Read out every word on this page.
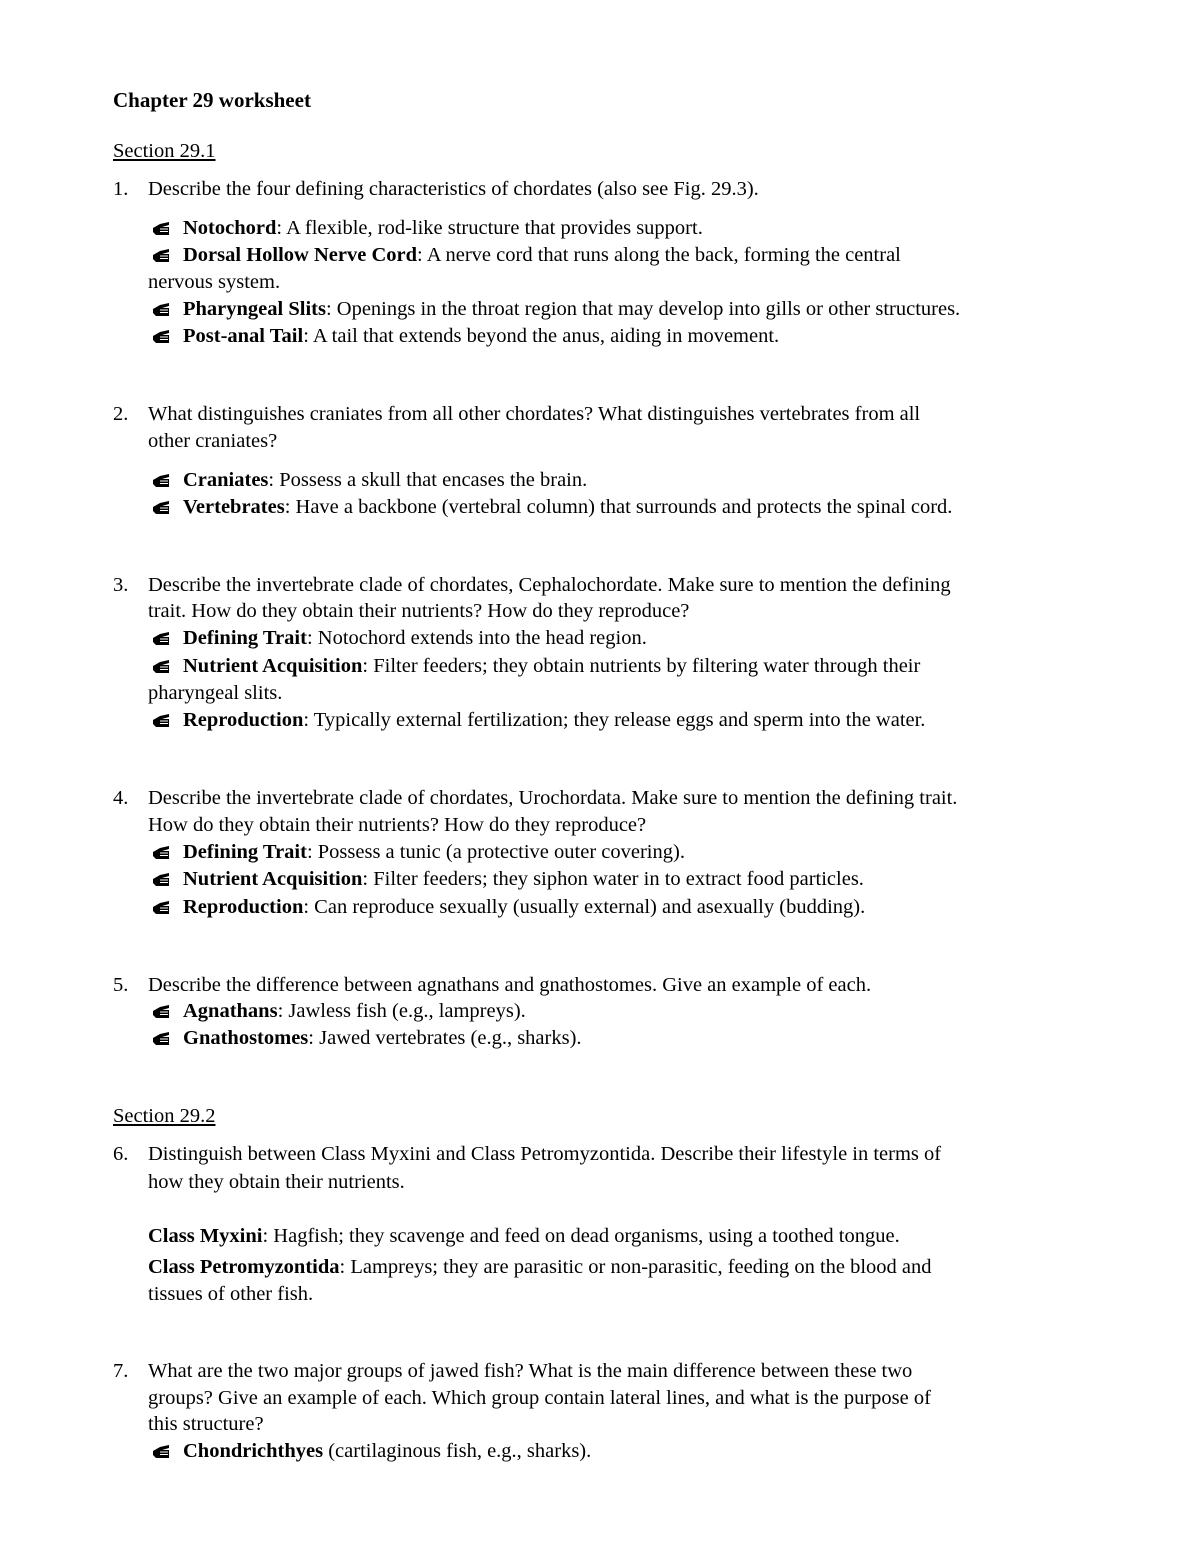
Chapter 29 worksheet
Section 29.1
1. Describe the four defining characteristics of chordates (also see Fig. 29.3).
Notochord: A flexible, rod-like structure that provides support.
Dorsal Hollow Nerve Cord: A nerve cord that runs along the back, forming the central
nervous system.
Pharyngeal Slits: Openings in the throat region that may develop into gills or other structures.
Post-anal Tail: A tail that extends beyond the anus, aiding in movement.
2. What distinguishes craniates from all other chordates? What distinguishes vertebrates from all
other craniates?
Craniates: Possess a skull that encases the brain.
Vertebrates: Have a backbone (vertebral column) that surrounds and protects the spinal cord.
3. Describe the invertebrate clade of chordates, Cephalochordate. Make sure to mention the defining
trait. How do they obtain their nutrients? How do they reproduce?
Defining Trait: Notochord extends into the head region.
Nutrient Acquisition: Filter feeders; they obtain nutrients by filtering water through their
pharyngeal slits.
Reproduction: Typically external fertilization; they release eggs and sperm into the water.
4. Describe the invertebrate clade of chordates, Urochordata. Make sure to mention the defining trait.
How do they obtain their nutrients? How do they reproduce?
Defining Trait: Possess a tunic (a protective outer covering).
Nutrient Acquisition: Filter feeders; they siphon water in to extract food particles.
Reproduction: Can reproduce sexually (usually external) and asexually (budding).
5. Describe the difference between agnathans and gnathostomes. Give an example of each.
Agnathans: Jawless fish (e.g., lampreys).
Gnathostomes: Jawed vertebrates (e.g., sharks).
Section 29.2
6. Distinguish between Class Myxini and Class Petromyzontida. Describe their lifestyle in terms of
how they obtain their nutrients.
Class Myxini: Hagfish; they scavenge and feed on dead organisms, using a toothed tongue.
Class Petromyzontida: Lampreys; they are parasitic or non-parasitic, feeding on the blood and
tissues of other fish.
7. What are the two major groups of jawed fish? What is the main difference between these two
groups? Give an example of each. Which group contain lateral lines, and what is the purpose of
this structure?
Chondrichthyes (cartilaginous fish, e.g., sharks).
